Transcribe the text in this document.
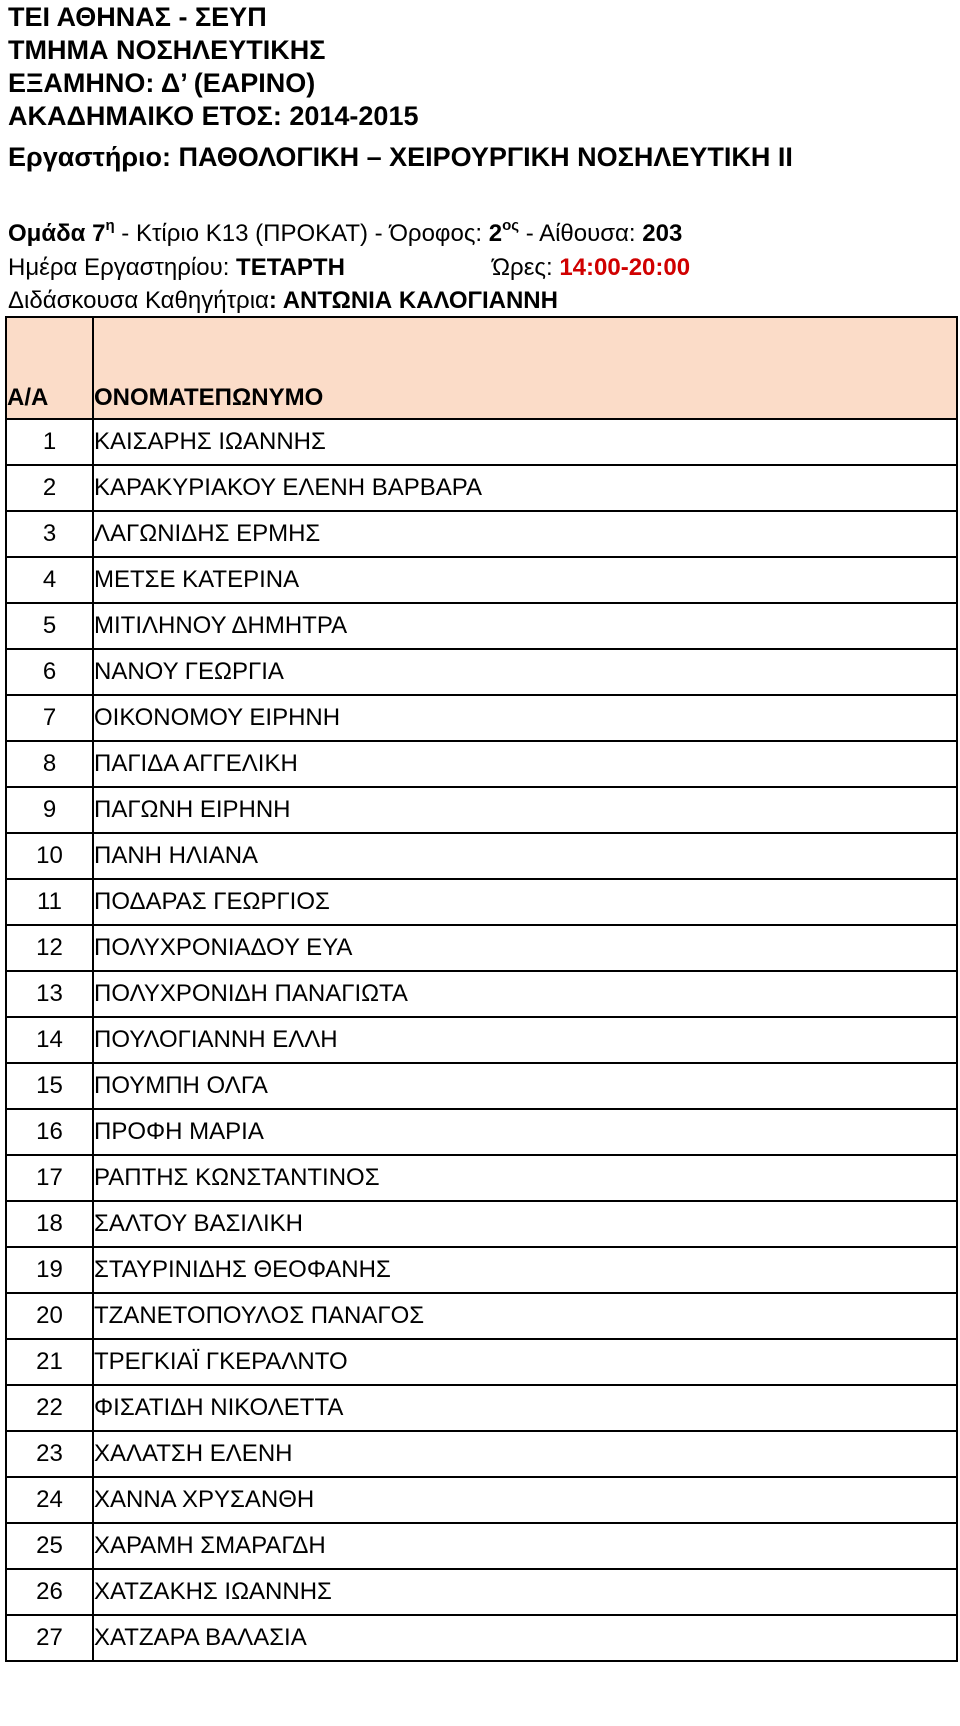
ΤΕΙ ΑΘΗΝΑΣ - ΣΕΥΠ
ΤΜΗΜΑ ΝΟΣΗΛΕΥΤΙΚΗΣ
ΕΞΑΜΗΝΟ: Δ’ (ΕΑΡΙΝΟ)
ΑΚΑΔΗΜΑΙΚΟ ΕΤΟΣ: 2014-2015
Εργαστήριο: ΠΑΘΟΛΟΓΙΚΗ – ΧΕΙΡΟΥΡΓΙΚΗ ΝΟΣΗΛΕΥΤΙΚΗ ΙΙ
Ομάδα $7^\eta$ - Κτίριο Κ13 (ΠΡΟΚΑΤ) - Όροφος: $2^{o\varsigma}$ - Αίθουσα: 203
Ημέρα Εργαστηρίου: ΤΕΤΑΡΤΗ	Ώρες: 14:00-20:00
Διδάσκουσα Καθηγήτρια: ΑΝΤΩΝΙΑ ΚΑΛΟΓΙΑΝΝΗ
Α/Α	ΟΝΟΜΑΤΕΠΩΝΥΜΟ
1	ΚΑΙΣΑΡΗΣ ΙΩΑΝΝΗΣ
2	ΚΑΡΑΚΥΡΙΑΚΟΥ ΕΛΕΝΗ ΒΑΡΒΑΡΑ
3	ΛΑΓΩΝΙΔΗΣ ΕΡΜΗΣ
4	ΜΕΤΣΕ ΚΑΤΕΡΙΝΑ
5	ΜΙΤΙΛΗΝΟΥ ΔΗΜΗΤΡΑ
6	ΝΑΝΟΥ ΓΕΩΡΓΙΑ
7	ΟΙΚΟΝΟΜΟΥ ΕΙΡΗΝΗ
8	ΠΑΓΙΔΑ ΑΓΓΕΛΙΚΗ
9	ΠΑΓΩΝΗ ΕΙΡΗΝΗ
10	ΠΑΝΗ ΗΛΙΑΝΑ
11	ΠΟΔΑΡΑΣ ΓΕΩΡΓΙΟΣ
12	ΠΟΛΥΧΡΟΝΙΑΔΟΥ ΕΥΑ
13	ΠΟΛΥΧΡΟΝΙΔΗ ΠΑΝΑΓΙΩΤΑ
14	ΠΟΥΛΟΓΙΑΝΝΗ ΕΛΛΗ
15	ΠΟΥΜΠΗ ΟΛΓΑ
16	ΠΡΟΦΗ ΜΑΡΙΑ
17	ΡΑΠΤΗΣ ΚΩΝΣΤΑΝΤΙΝΟΣ
18	ΣΑΛΤΟΥ ΒΑΣΙΛΙΚΗ
19	ΣΤΑΥΡΙΝΙΔΗΣ ΘΕΟΦΑΝΗΣ
20	ΤΖΑΝΕΤΟΠΟΥΛΟΣ ΠΑΝΑΓΟΣ
21	ΤΡΕΓΚΙΑΪ ΓΚΕΡΑΛΝΤΟ
22	ΦΙΣΑΤΙΔΗ ΝΙΚΟΛΕΤΤΑ
23	ΧΑΛΑΤΣΗ ΕΛΕΝΗ
24	ΧΑΝΝΑ ΧΡΥΣΑΝΘΗ
25	ΧΑΡΑΜΗ ΣΜΑΡΑΓΔΗ
26	ΧΑΤΖΑΚΗΣ ΙΩΑΝΝΗΣ
27	ΧΑΤΖΑΡΑ ΒΑΛΑΣΙΑ
